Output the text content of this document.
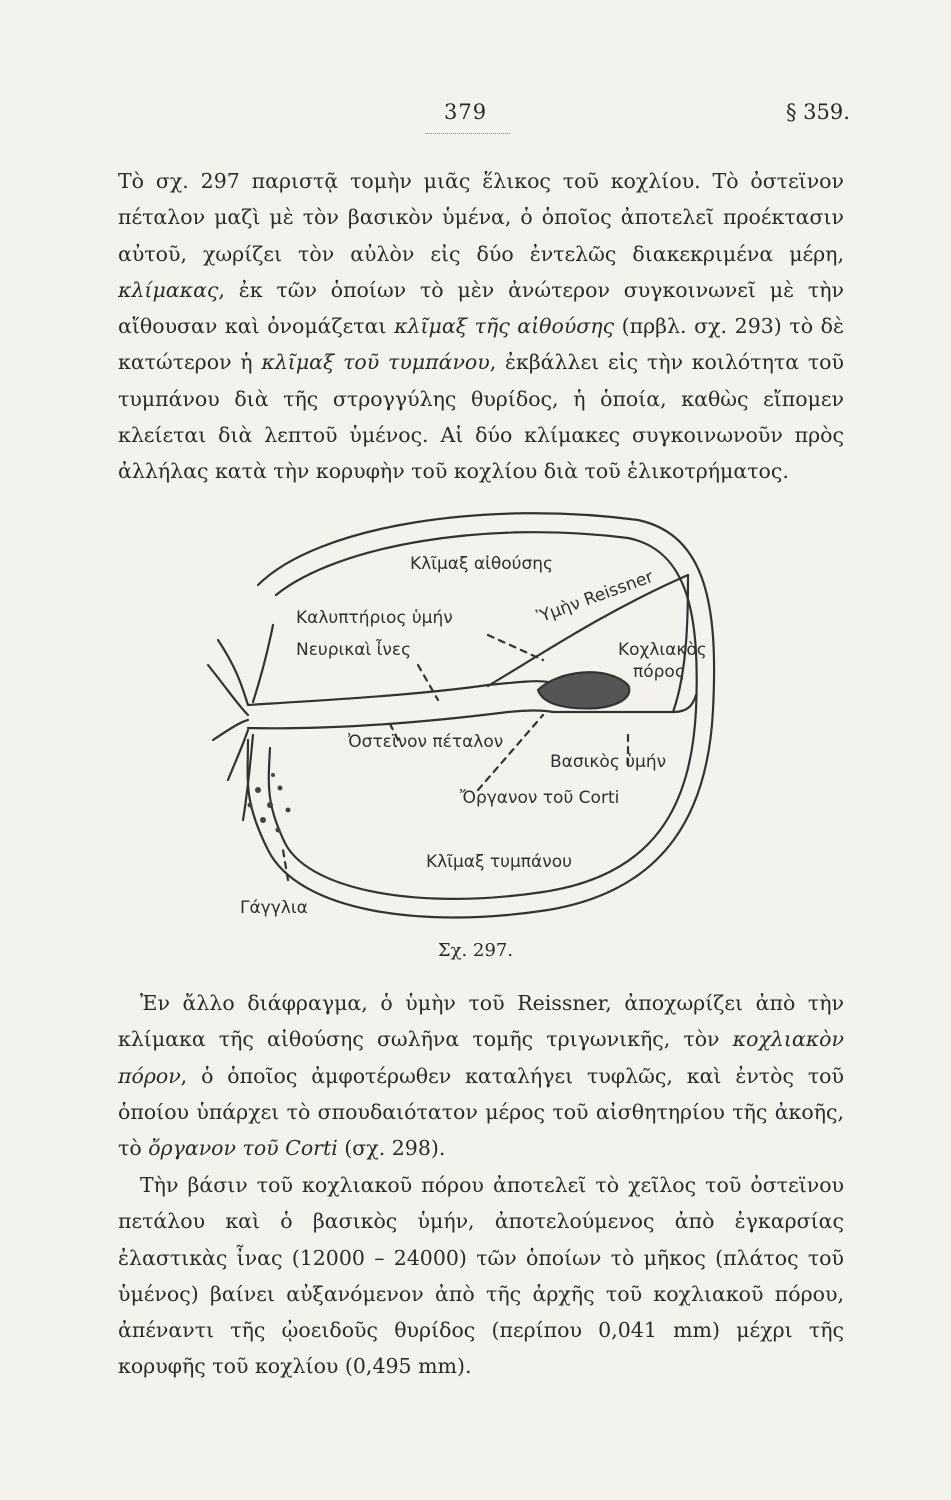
379	§ 359.

Τὸ σχ. 297 παριστᾷ τομὴν μιᾶς ἕλικος τοῦ κοχλίου. Τὸ ὀστεϊνον πέταλον μαζὶ μὲ τὸν βασικὸν ὑμένα, ὁ ὁποῖος ἀποτελεῖ προέκτασιν αὐτοῦ, χωρίζει τὸν αὐλὸν εἰς δύο ἐντελῶς διακεκριμένα μέρη, κλίμακας, ἐκ τῶν ὁποίων τὸ μὲν ἀνώτερον συγκοινωνεῖ μὲ τὴν αἴθουσαν καὶ ὀνομάζεται κλῖμαξ τῆς αἰθούσης (πρβλ. σχ. 293) τὸ δὲ κατώτερον ἡ κλῖμαξ τοῦ τυμπάνου, ἐκβάλλει εἰς τὴν κοιλότητα τοῦ τυμπάνου διὰ τῆς στρογγύλης θυρίδος, ἡ ὁποία, καθὼς εἴπομεν κλείεται διὰ λεπτοῦ ὑμένος. Αἱ δύο κλίμακες συγκοινωνοῦν πρὸς ἀλλήλας κατὰ τὴν κορυφὴν τοῦ κοχλίου διὰ τοῦ ἑλικοτρήματος.

Κλῖμαξ αἰθούσης
Ὑμὴν Reissner
Καλυπτήριος ὑμήν
Νευρικαὶ ἶνες	Κοχλιακὸς
πόρος
Ὀστεϊνον πέταλον
Βασικὸς ὑμήν
Ὄργανον τοῦ Corti
Κλῖμαξ τυμπάνου
Γάγγλια
Σχ. 297.

Ἐν ἄλλο διάφραγμα, ὁ ὑμὴν τοῦ Reissner, ἀποχωρίζει ἀπὸ τὴν κλίμακα τῆς αἰθούσης σωλῆνα τομῆς τριγωνικῆς, τὸν κοχλιακὸν πόρον, ὁ ὁποῖος ἀμφοτέρωθεν καταλήγει τυφλῶς, καὶ ἐντὸς τοῦ ὁποίου ὑπάρχει τὸ σπουδαιότατον μέρος τοῦ αἰσθητηρίου τῆς ἀκοῆς, τὸ ὄργανον τοῦ Corti (σχ. 298).

Τὴν βάσιν τοῦ κοχλιακοῦ πόρου ἀποτελεῖ τὸ χεῖλος τοῦ ὀστεϊνου πετάλου καὶ ὁ βασικὸς ὑμήν, ἀποτελούμενος ἀπὸ ἐγκαρσίας ἐλαστικὰς ἶνας (12000 – 24000) τῶν ὁποίων τὸ μῆκος (πλάτος τοῦ ὑμένος) βαίνει αὐξανόμενον ἀπὸ τῆς ἀρχῆς τοῦ κοχλιακοῦ πόρου, ἀπέναντι τῆς ᾠοειδοῦς θυρίδος (περίπου 0,041 mm) μέχρι τῆς κορυφῆς τοῦ κοχλίου (0,495 mm).
